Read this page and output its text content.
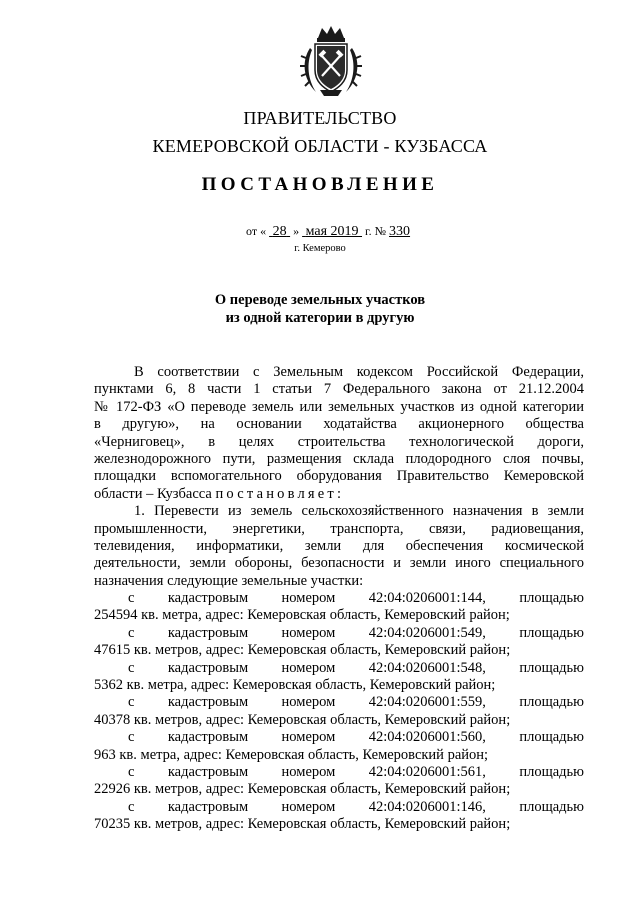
ПРАВИТЕЛЬСТВО
КЕМЕРОВСКОЙ ОБЛАСТИ - КУЗБАССА
ПОСТАНОВЛЕНИЕ
от « 28 » мая 2019 г. № 330
г. Кемерово
О переводе земельных участков
из одной категории в другую
В соответствии с Земельным кодексом Российской Федерации,
пунктами 6, 8 части 1 статьи 7 Федерального закона от 21.12.2004
№ 172-ФЗ «О переводе земель или земельных участков из одной категории
в другую», на основании ходатайства акционерного общества
«Черниговец», в целях строительства технологической дороги,
железнодорожного пути, размещения склада плодородного слоя почвы,
площадки вспомогательного оборудования Правительство Кемеровской
области – Кузбасса постановляет:
1. Перевести из земель сельскохозяйственного назначения в земли
промышленности, энергетики, транспорта, связи, радиовещания,
телевидения, информатики, земли для обеспечения космической
деятельности, земли обороны, безопасности и земли иного специального
назначения следующие земельные участки:
с кадастровым номером 42:04:0206001:144, площадью
254594 кв. метра, адрес: Кемеровская область, Кемеровский район;
с кадастровым номером 42:04:0206001:549, площадью
47615 кв. метров, адрес: Кемеровская область, Кемеровский район;
с кадастровым номером 42:04:0206001:548, площадью
5362 кв. метра, адрес: Кемеровская область, Кемеровский район;
с кадастровым номером 42:04:0206001:559, площадью
40378 кв. метров, адрес: Кемеровская область, Кемеровский район;
с кадастровым номером 42:04:0206001:560, площадью
963 кв. метра, адрес: Кемеровская область, Кемеровский район;
с кадастровым номером 42:04:0206001:561, площадью
22926 кв. метров, адрес: Кемеровская область, Кемеровский район;
с кадастровым номером 42:04:0206001:146, площадью
70235 кв. метров, адрес: Кемеровская область, Кемеровский район;
